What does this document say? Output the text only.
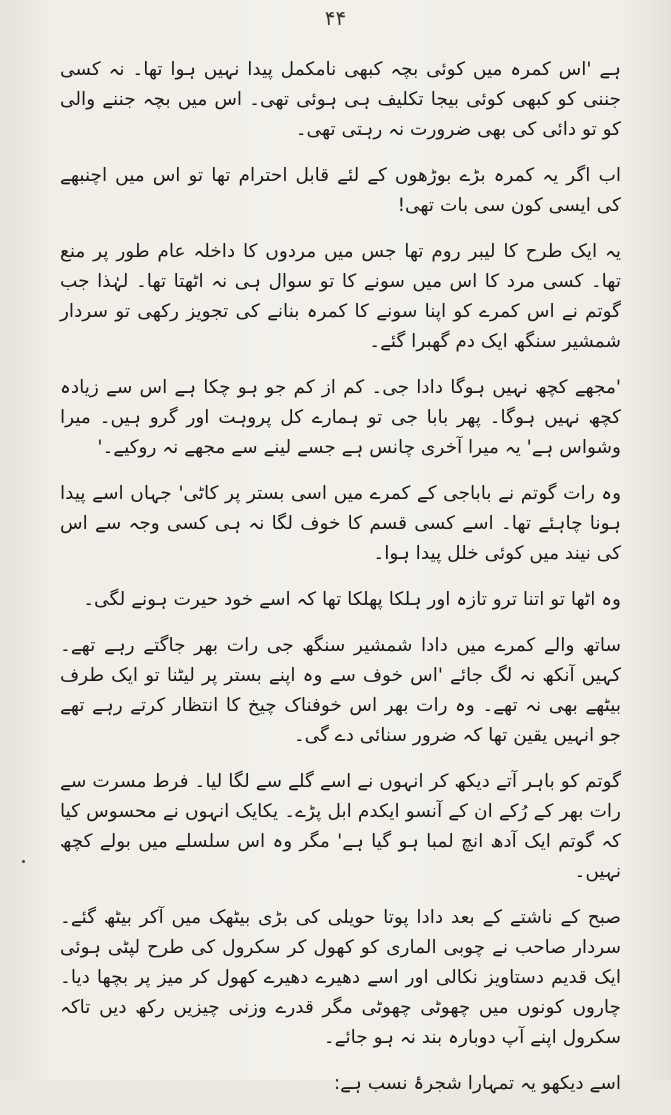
۴۴

ہے 'اس کمرہ میں کوئی بچہ کبھی نامکمل پیدا نہیں ہوا تھا۔ نہ کسی جننی کو کبھی کوئی بیجا تکلیف ہی ہوئی تھی۔ اس میں بچہ جننے والی کو تو دائی کی بھی ضرورت نہ رہتی تھی۔

اب اگر یہ کمرہ بڑے بوڑھوں کے لئے قابل احترام تھا تو اس میں اچنبھے کی ایسی کون سی بات تھی!

یہ ایک طرح کا لیبر روم تھا جس میں مردوں کا داخلہ عام طور پر منع تھا۔ کسی مرد کا اس میں سونے کا تو سوال ہی نہ اٹھتا تھا۔ لہٰذا جب گوتم نے اس کمرے کو اپنا سونے کا کمرہ بنانے کی تجویز رکھی تو سردار شمشیر سنگھ ایک دم گھبرا گئے۔

'مجھے کچھ نہیں ہوگا دادا جی۔ کم از کم جو ہو چکا ہے اس سے زیادہ کچھ نہیں ہوگا۔ پھر بابا جی تو ہمارے کل پروہت اور گرو ہیں۔ میرا وشواس ہے' یہ میرا آخری چانس ہے جسے لینے سے مجھے نہ روکیے۔'

وہ رات گوتم نے باباجی کے کمرے میں اسی بستر پر کاٹی' جہاں اسے پیدا ہونا چاہئے تھا۔ اسے کسی قسم کا خوف لگا نہ ہی کسی وجہ سے اس کی نیند میں کوئی خلل پیدا ہوا۔

وہ اٹھا تو اتنا ترو تازہ اور ہلکا پھلکا تھا کہ اسے خود حیرت ہونے لگی۔

ساتھ والے کمرے میں دادا شمشیر سنگھ جی رات بھر جاگتے رہے تھے۔ کہیں آنکھ نہ لگ جائے 'اس خوف سے وہ اپنے بستر پر لیٹنا تو ایک طرف بیٹھے بھی نہ تھے۔ وہ رات بھر اس خوفناک چیخ کا انتظار کرتے رہے تھے جو انہیں یقین تھا کہ ضرور سنائی دے گی۔

گوتم کو باہر آتے دیکھ کر انہوں نے اسے گلے سے لگا لیا۔ فرط مسرت سے رات بھر کے رُکے ان کے آنسو ایکدم ابل پڑے۔ یکایک انہوں نے محسوس کیا کہ گوتم ایک آدھ انچ لمبا ہو گیا ہے' مگر وہ اس سلسلے میں بولے کچھ نہیں۔

صبح کے ناشتے کے بعد دادا پوتا حویلی کی بڑی بیٹھک میں آکر بیٹھ گئے۔ سردار صاحب نے چوبی الماری کو کھول کر سکرول کی طرح لپٹی ہوئی ایک قدیم دستاویز نکالی اور اسے دھیرے دھیرے کھول کر میز پر بچھا دیا۔ چاروں کونوں میں چھوٹی چھوٹی مگر قدرے وزنی چیزیں رکھ دیں تاکہ سکرول اپنے آپ دوبارہ بند نہ ہو جائے۔

اسے دیکھو یہ تمہارا شجرۂ نسب ہے:
